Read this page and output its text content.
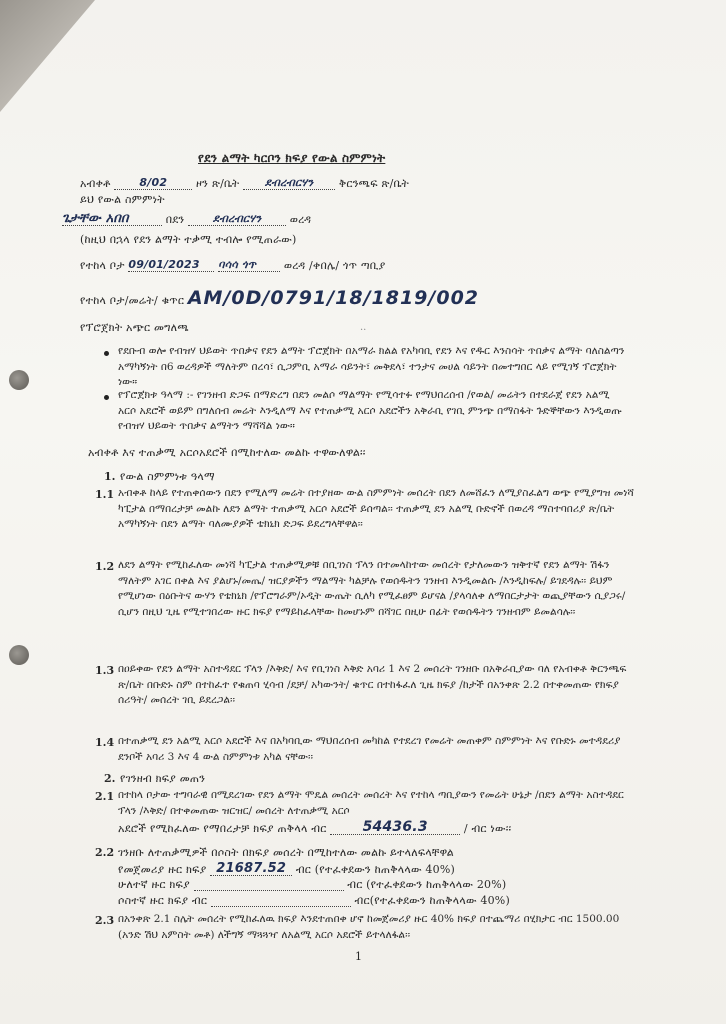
የደን ልማት ካርቦን ክፍያ የውል ስምምነት
አብቀቶ	8/02	ዞን ጽ/ቤት ደብረብርሃን ቅርንጫፍ ጽ/ቤት
ይህ የውል ስምምነት
ጌታቸው አበበ	በደን	ደብረብርሃን	ወረዳ
(ከዚህ በኋላ የደን ልማት ተቃሚ ተብሎ የሚጠራው)
የተከላ ቦታ 09/01/2023 ባሳሳ ጎጥ	ወረዳ /ቀበሌ/ ጎጥ ጣቢያ
የተከላ ቦታ/መሬት/ ቁጥር AM/0D/0791/18/1819/002
የፕሮጀክት አጭር መግለጫ	..
የደቡብ ወሎ የብዝሃ ህይወት ጥበቃና የደን ልማት ፕሮጀክት በአማራ ክልል የአካባቢ የደን እና የዱር እንስሳት ጥበቃና ልማት ባለስልጣን አማካኝነት በ6 ወረዳዎች ማለትም በረሳ፣ ሲጋምቢ አማራ ሳይንት፣ መቅደላ፣ ተንታና መሀል ሳይንት በመተግበር ላይ የሚገኝ ፕሮጀክት ነው።
የፕሮጀክቱ ዓላማ :- የገንዘብ ድጋፍ በማድረግ በደን መልሶ ማልማት የሚሳተፉ የማህበረሰብ /የወል/ መሬትን በተደራጀ የደን አልሚ አርሶ አደሮች ወይም በግለሰብ መሬት እንዲለማ እና የተጠቃሚ አርሶ አደሮችን አቅራቢ የገቢ ምንጭ በማስፋት ጉድኞቸውን እንዲወጡ የብዝሃ ህይወት ጥበቃና ልማትን ማሻሻል ነው።
አብቀቶ እና ተጠቃሚ አርሶአደሮች በሚከተለው መልኩ ተዋውለዋል፡፡
1. የውል ስምምነቱ ዓላማ
1.1 አብቀቶ ከላይ የተጠቀሰውን በደን የሚለማ መሬት በተያዘው ውል ስምምነት መሰረት በደን ለመሸፈን ለሚያስፈልግ ወጭ የሚያግዝ መነሻ ካፒታል በማበረታቻ መልኩ ለደን ልማት ተጠቃሚ አርሶ አደሮች ይሰጣል፡፡ ተጠቃሚ ደን አልሚ ቡድኖች በወረዳ ማስተባበሪያ ጽ/ቤት አማካኝነት በደን ልማት ባለሙያዎች ቴክኒክ ድጋፍ ይደረግላቸዋል፡፡
1.2 ለደን ልማት የሚከፈለው መነሻ ካፒታል ተጠቃሚዎቹ በቢገነስ ፕላን በተመላከተው መሰረት የታለመውን ዝቅተኛ የደን ልማት ሽፋን ማለትም አገር በቀል እና ያልሆኑ/መጤ/ ዝርያዎችን ማልማት ካልቻሉ የወሰዱትን ገንዘብ እንዲመልሱ /እንዲከፍሉ/ ይገደዳሉ፡፡ ይህም የሚሆነው በዕቡትና ውሃን የቴክኒክ /የፕሮግራም/ኦዲት ውጤት ሲለካ የሚፈፀም ይሆናል /ያላሳለቀ ለማበርታታት ወጪያቸውን ሲያጋሩ/ ሲሆን በዚህ ጊዜ የሚተገበረው ዙር ክፍያ የማይከፈላቸው ከመሆኑም በሻገር በዚሁ በፊት የወሰዱትን ገንዘብም ይመልሳሉ፡፡
1.3 በዐይቀው የደን ልማት አስተዳደር ፕላን /እቅድ/ እና የቢገነስ እቅድ አባሪ 1 እና 2 መሰረት ገንዘቡ በአቅራቢያው ባለ የአብቀቶ ቅርንጫፍ ጽ/ቤት በቡድኑ ስም በተከፈተ የቁጠባ ሂሳብ /ደቻ/ አካውንት/ ቁጥር በተከፋፈለ ጊዜ ክፍያ /ከታች በአንቀጽ 2.2 በተቀመጠው የክፍያ ሰሪዓት/ መሰረት ገቢ ይደረጋል፡፡
1.4 በተጠቃሚ ደን አልሚ አርሶ አደሮች እና በአካባቢው ማህበረሰብ መካከል የተደረገ የመሬት መጠቀም ስምምነት እና የቡድኑ መተዳደሪያ ደንቦች አባሪ 3 እና 4 ውል ስምምነቱ አካል ናቸው፡፡
2. የገንዘብ ክፍያ መጠን
2.1 በተከላ ቦታው ተግባራዊ በሚደረገው የደን ልማት ሞዴል መሰረት መሰረት እና የተከላ ጣቢያውን የመሬት ሁኔታ /በደን ልማት አስተዳደር ፕላን /እቅድ/ በተቀመጠው ዝርዝር/ መሰረት ለተጠቃሚ አርሶ
አደሮች የሚከፈለው የማበረታቻ ክፍያ ጠቅላላ ብር	54436.3	/ ብር ነው፡፡
2.2 ገንዘቡ ለተጠቃሚዎች በሶስት በክፍያ መሰረት በሚከተለው መልኩ ይተላለፍላቸዋል
የመጀመሪያ ዙር ክፍያ 21687.52 ብር (የተፈቀደውን ከጠቅላላው 40%)
ሁለተኛ ዙር ክፍያ	ብር (የተፈቀደውን ከጠቅላላው 20%)
ሶስተኛ ዙር ክፍያ ብር	ብር(የተፈቀደውን ከጠቅላላው 40%)
2.3 በአንቀጽ 2.1 ስሌት መሰረት የሚከፈለዉ ክፍያ እንደተጠበቀ ሆኖ ከመጀመሪያ ዙር 40% ክፍያ በተጨማሪ በሂክታር ብር 1500.00 (አንድ ሽህ አምስት መቶ) ለችግኝ ማጓጓዣ ለአልሚ አርሶ አደሮች ይተላለፋል፡፡
1
